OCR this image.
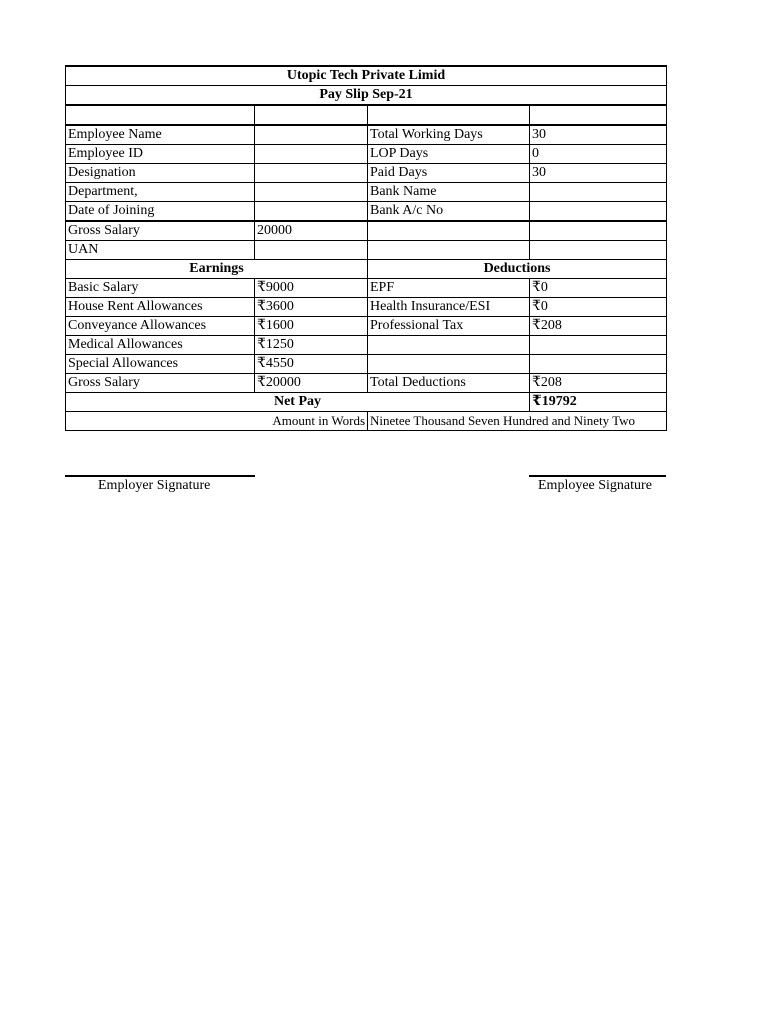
Utopic Tech Private Limid			
Pay Slip Sep-21			

Employee Name		Total Working Days	30
Employee ID		LOP Days	0
Designation		Paid Days	30
Department,		Bank Name	
Date of Joining		Bank A/c No	
Gross Salary	20000		
UAN			
Earnings		Deductions	
Basic Salary	₹9000	EPF	₹0
House Rent Allowances	₹3600	Health Insurance/ESI	₹0
Conveyance Allowances	₹1600	Professional Tax	₹208
Medical Allowances	₹1250		
Special Allowances	₹4550		
Gross Salary	₹20000	Total Deductions	₹208
Net Pay			₹19792
Amount in Words		Ninetee Thousand Seven Hundred and Ninety Two	
Employer Signature	Employee Signature
